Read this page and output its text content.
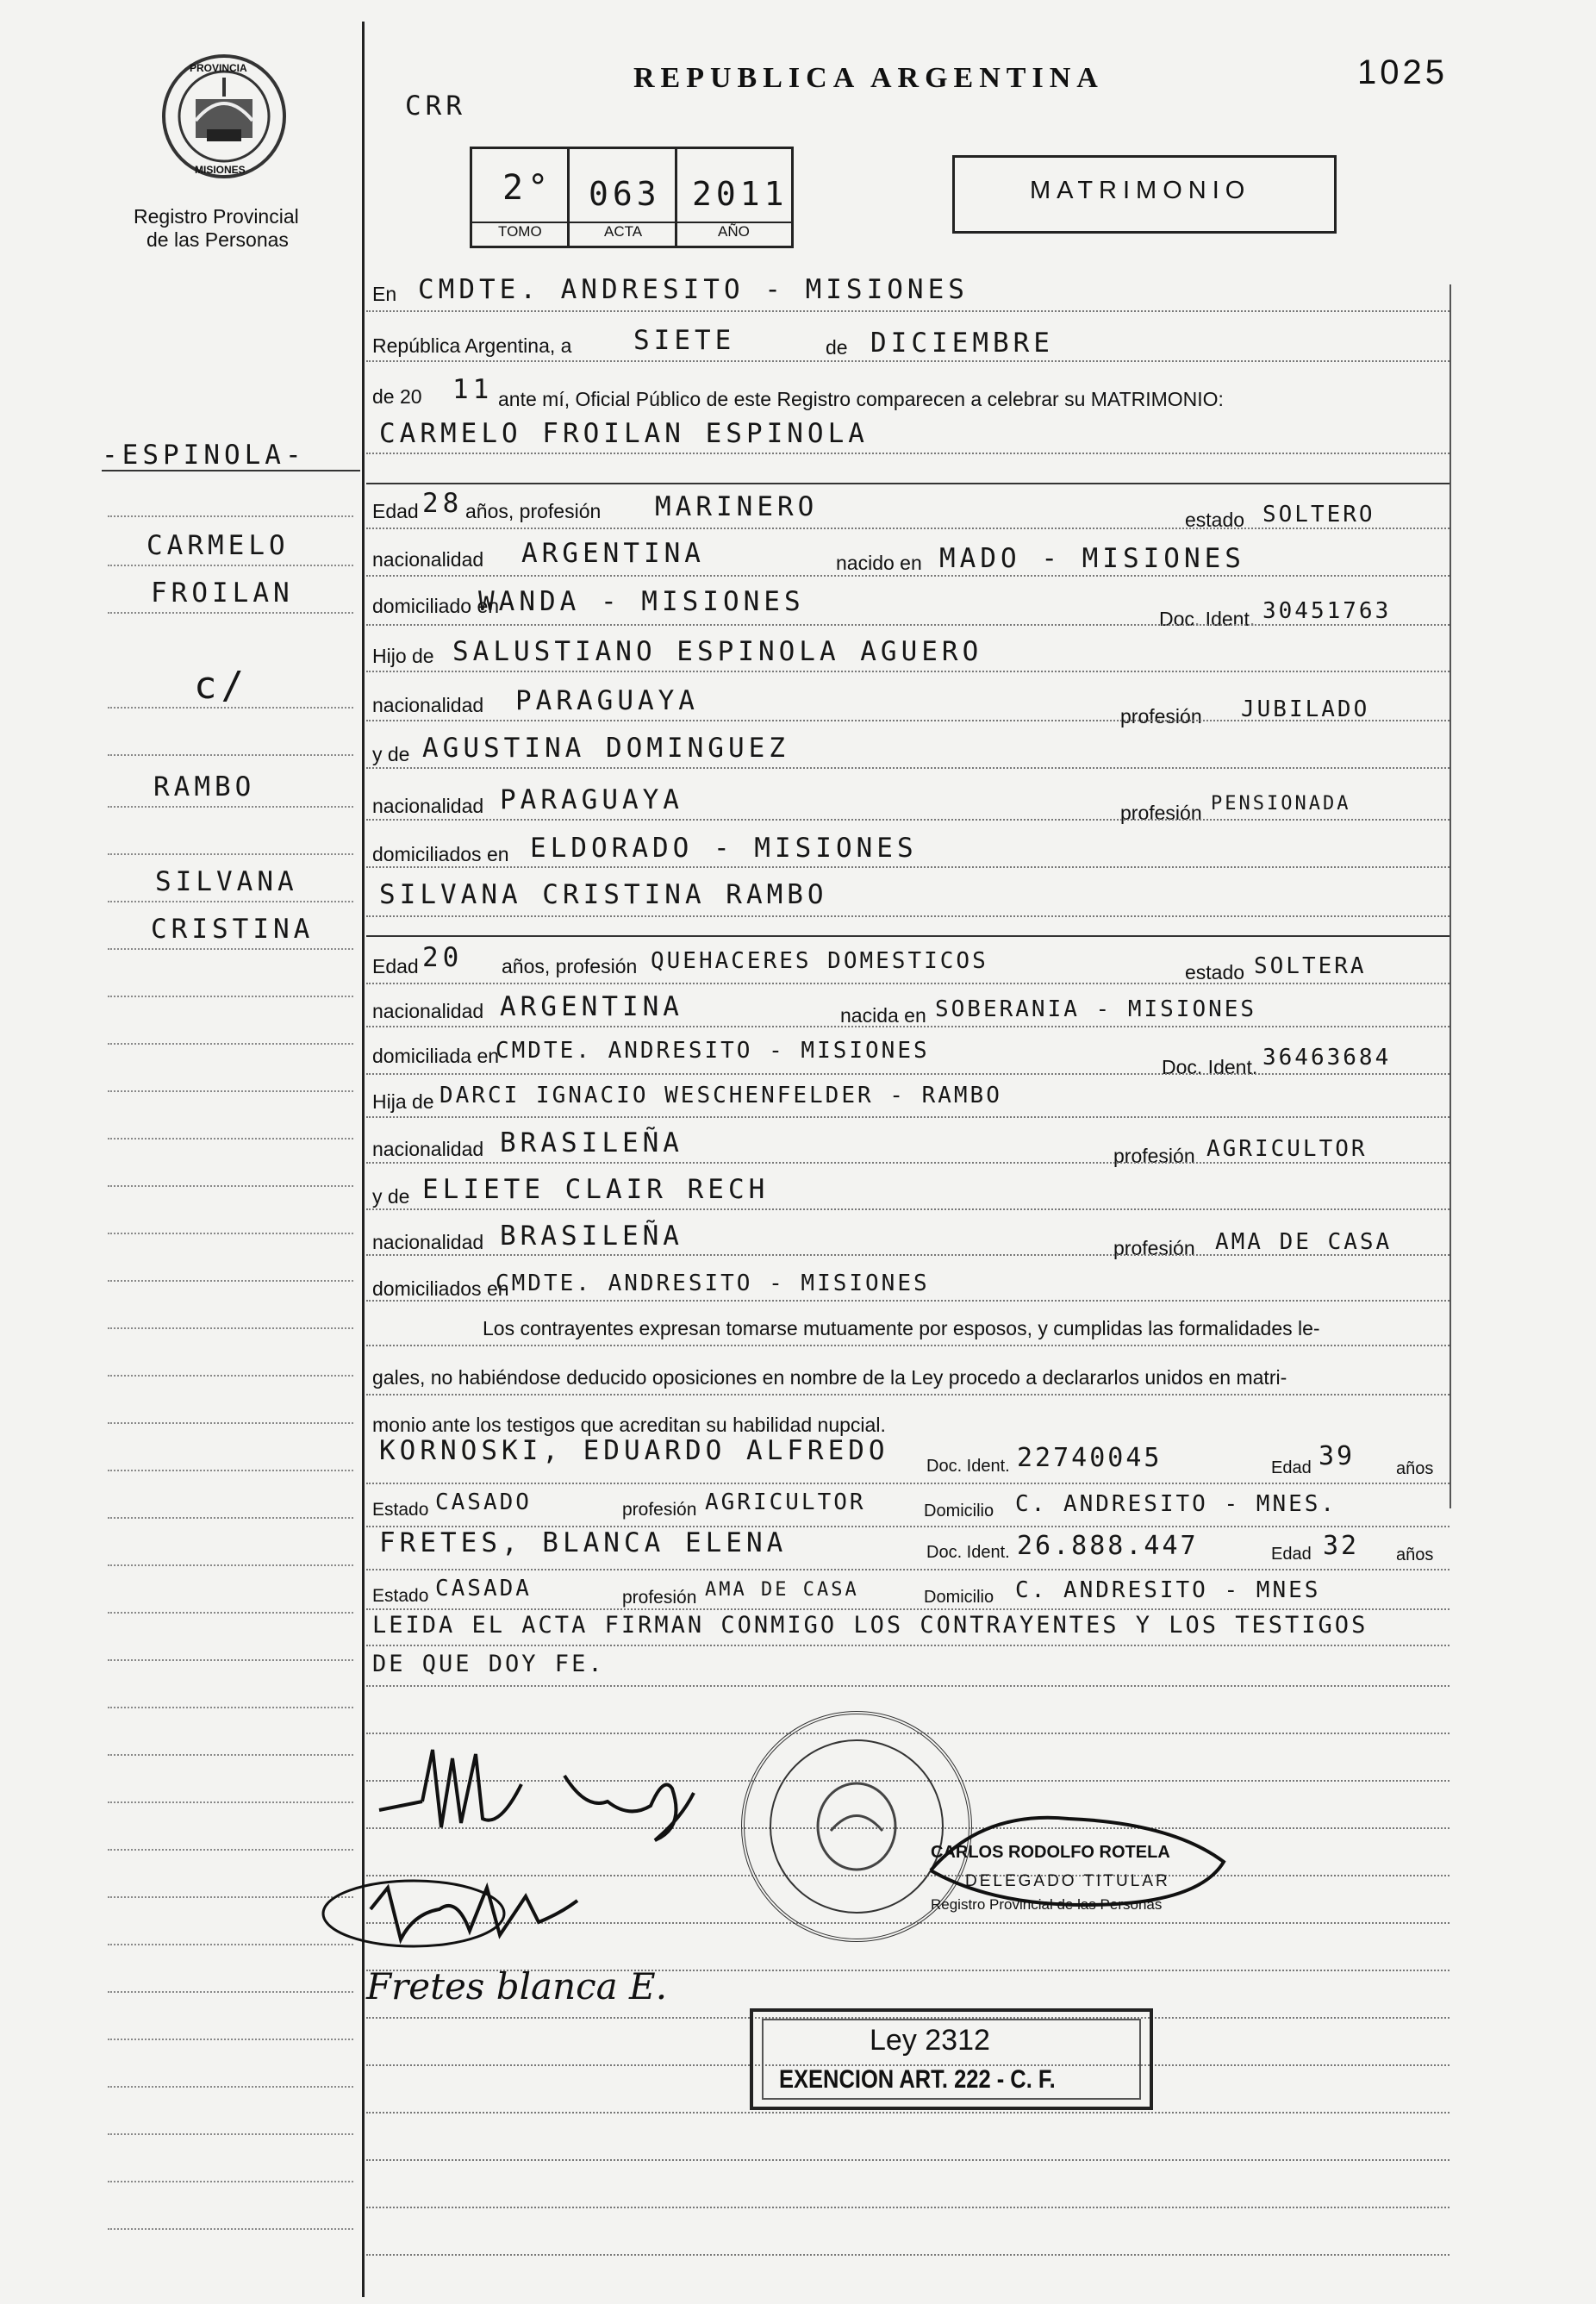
PROVINCIA
MISIONES
Registro Provincial
de las Personas
REPUBLICA ARGENTINA	1025
CRR
2° 063 2011
TOMO	ACTA	AÑO
MATRIMONIO
-ESPINOLA-
CARMELO
FROILAN
c/
RAMBO
SILVANA
CRISTINA
En CMDTE. ANDRESITO - MISIONES
República Argentina, a SIETE	de DICIEMBRE
de 20 11 ante mí, Oficial Público de este Registro comparecen a celebrar su MATRIMONIO:
CARMELO FROILAN ESPINOLA
Edad 28 años, profesión MARINERO	estado SOLTERO
nacionalidad ARGENTINA	nacido en MADO - MISIONES
domiciliado en
WANDA - MISIONES
Doc. Ident. 30451763
Hijo de SALUSTIANO ESPINOLA AGUERO
nacionalidad PARAGUAYA	profesión JUBILADO
y de AGUSTINA DOMINGUEZ
nacionalidad PARAGUAYA	profesión PENSIONADA
domiciliados en ELDORADO - MISIONES
SILVANA CRISTINA RAMBO
Edad 20 años, profesión QUEHACERES DOMESTICOS	estado SOLTERA
nacionalidad ARGENTINA	nacida en SOBERANIA - MISIONES
domiciliada en
CMDTE. ANDRESITO - MISIONES
Doc. Ident. 36463684
Hija de DARCI IGNACIO WESCHENFELDER - RAMBO
nacionalidad BRASILEÑA	profesión AGRICULTOR
y de ELIETE CLAIR RECH
nacionalidad BRASILEÑA	profesión AMA DE CASA
domiciliados en
CMDTE. ANDRESITO - MISIONES
Los contrayentes expresan tomarse mutuamente por esposos, y cumplidas las formalidades le-
gales, no habiéndose deducido oposiciones en nombre de la Ley procedo a declararlos unidos en matri-
monio ante los testigos que acreditan su habilidad nupcial.
KORNOSKI, EDUARDO ALFREDO Doc. Ident. 22740045	Edad 39 años
Estado CASADO	profesión AGRICULTOR	Domicilio C. ANDRESITO - MNES.
FRETES, BLANCA ELENA	Doc. Ident. 26.888.447	Edad 32 años
Estado CASADA	profesión AMA DE CASA	Domicilio C. ANDRESITO - MNES
LEIDA EL ACTA FIRMAN CONMIGO LOS CONTRAYENTES Y LOS TESTIGOS
DE QUE DOY FE.
Fretes blanca E.
CARLOS RODOLFO ROTELA
DELEGADO TITULAR
Registro Provincial de las Personas
Ley 2312
EXENCION ART. 222 - C. F.
